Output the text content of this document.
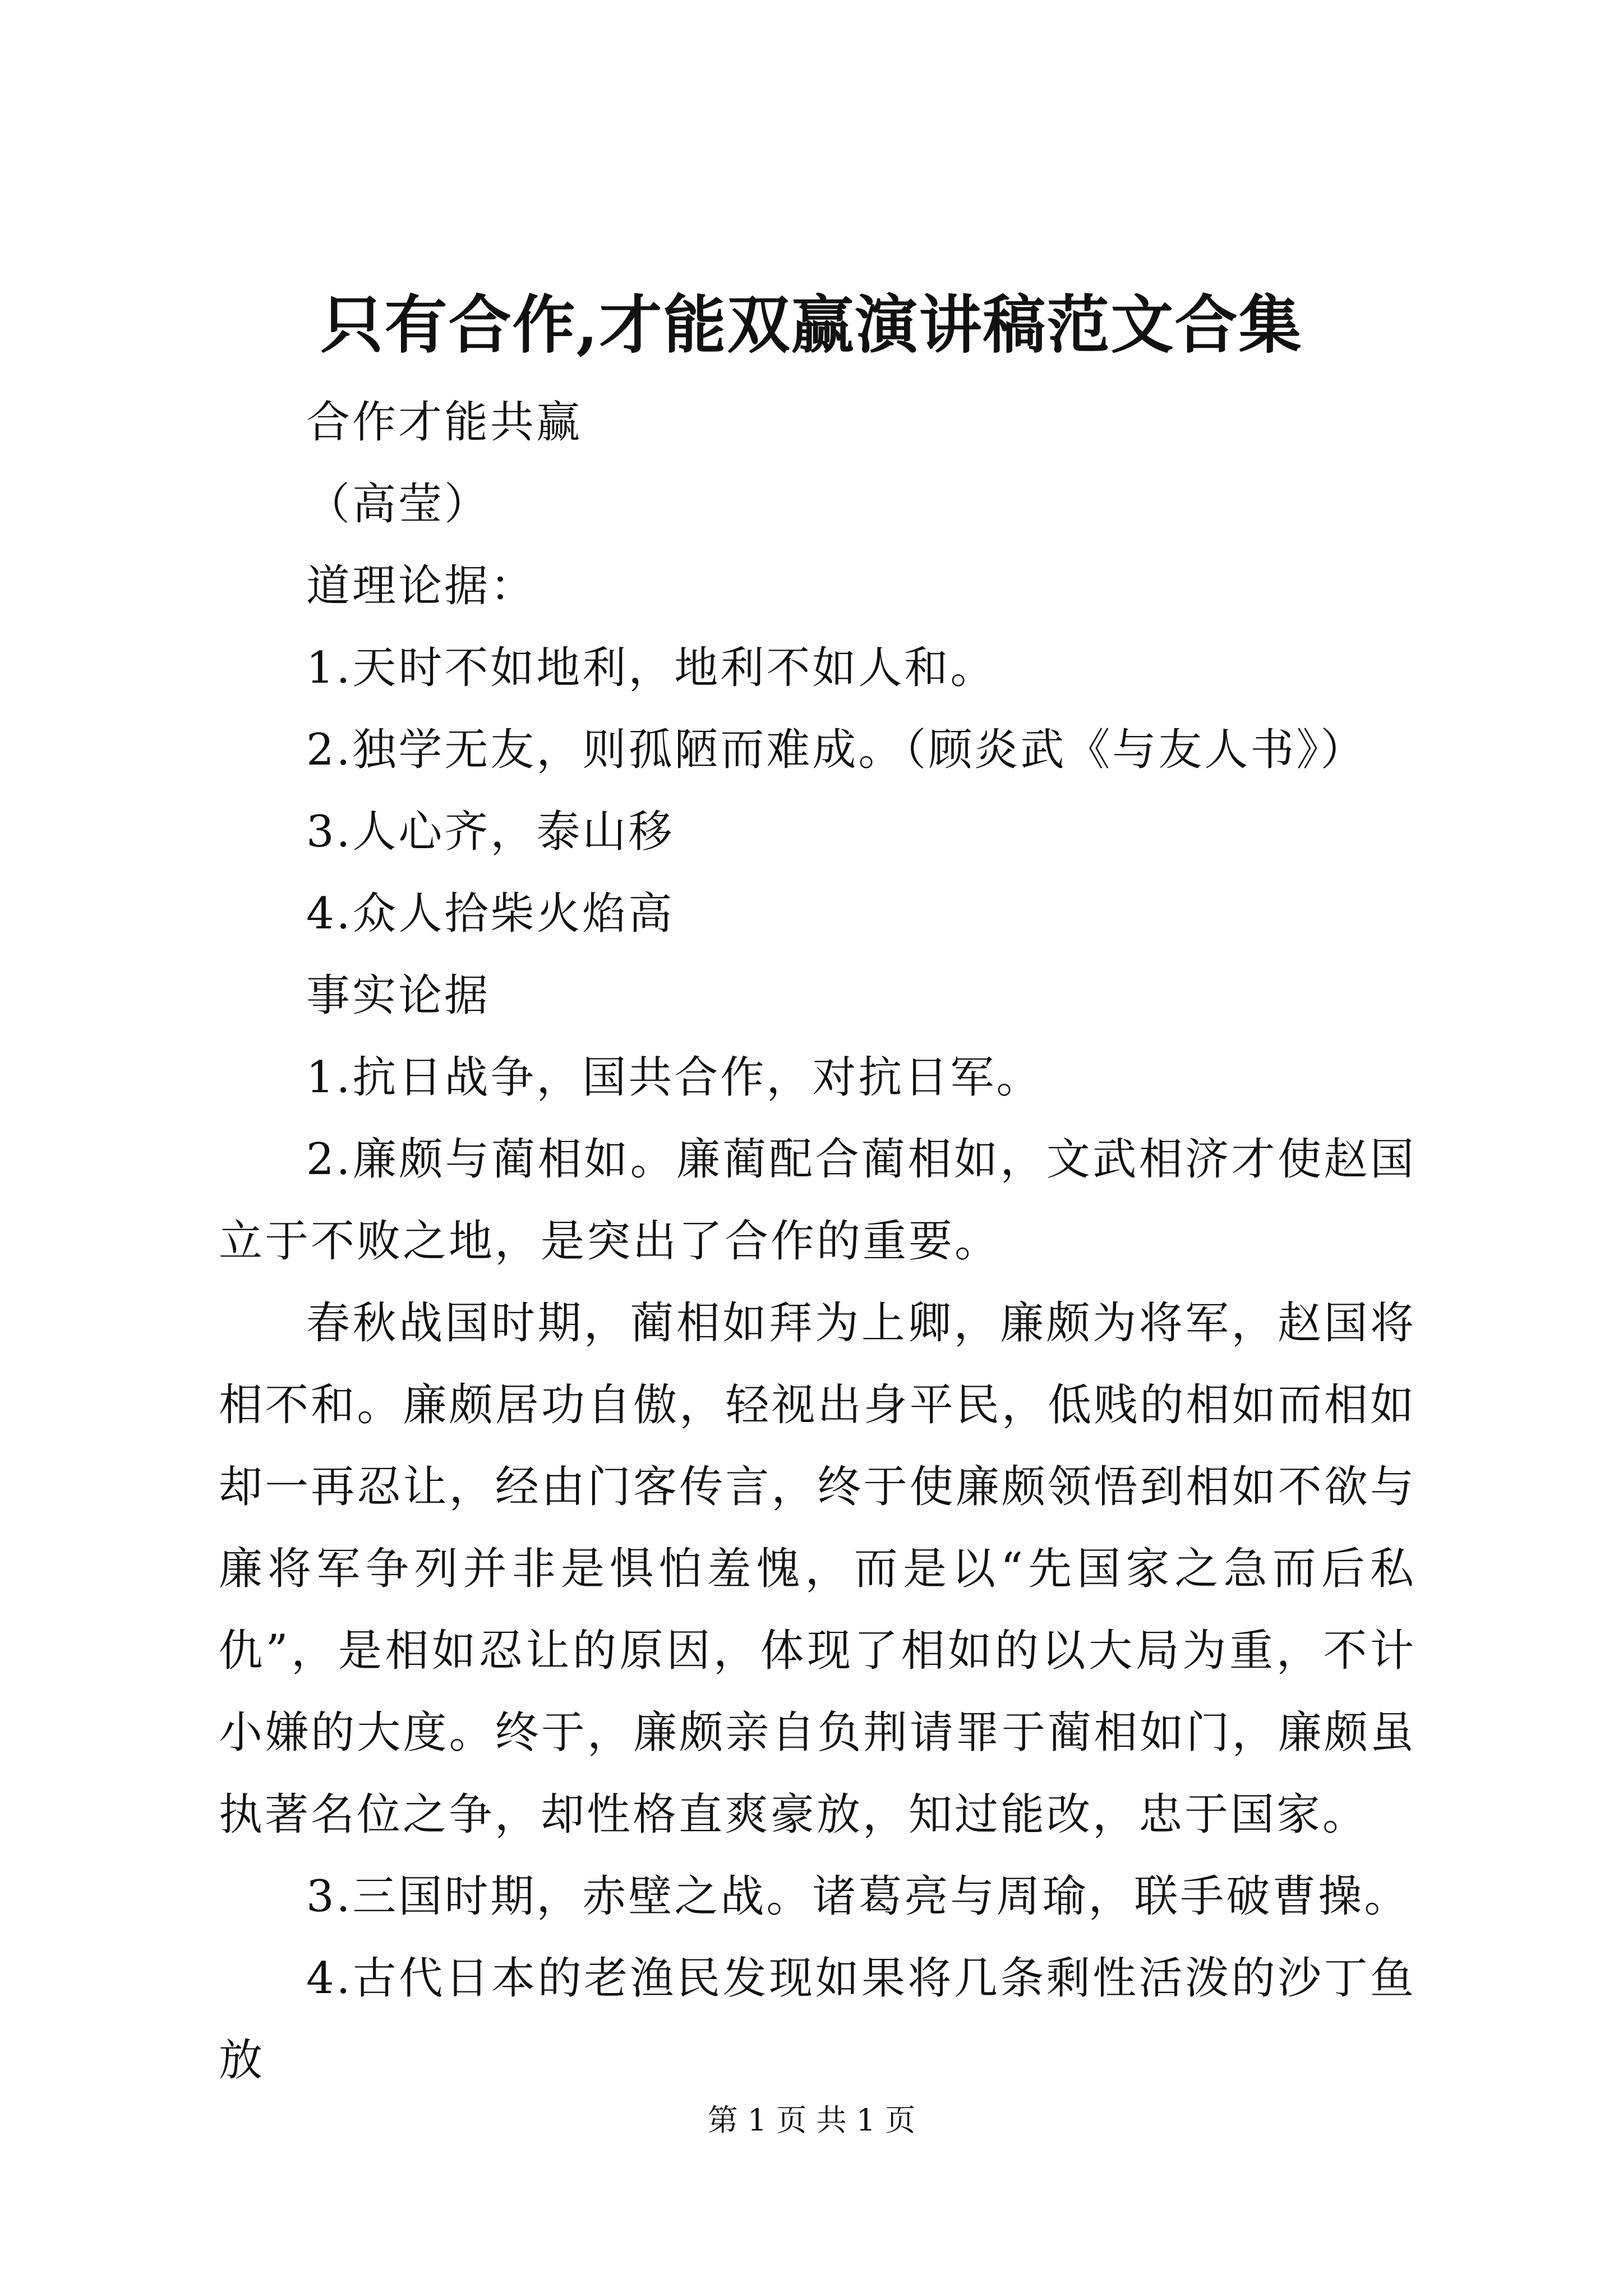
只有合作,才能双赢演讲稿范文合集

合作才能共赢

（高莹）

道理论据：

1.天时不如地利，地利不如人和。

2.独学无友，则孤陋而难成。（顾炎武《与友人书》）

3.人心齐，泰山移

4.众人拾柴火焰高

事实论据

1.抗日战争，国共合作，对抗日军。

2.廉颇与蔺相如。廉蔺配合蔺相如，文武相济才使赵国立于不败之地，是突出了合作的重要。

春秋战国时期，蔺相如拜为上卿，廉颇为将军，赵国将相不和。廉颇居功自傲，轻视出身平民，低贱的相如而相如却一再忍让，经由门客传言，终于使廉颇领悟到相如不欲与廉将军争列并非是惧怕羞愧，而是以“先国家之急而后私仇”，是相如忍让的原因，体现了相如的以大局为重，不计小嫌的大度。终于，廉颇亲自负荆请罪于蔺相如门，廉颇虽执著名位之争，却性格直爽豪放，知过能改，忠于国家。

3.三国时期，赤壁之战。诸葛亮与周瑜，联手破曹操。

4.古代日本的老渔民发现如果将几条剩性活泼的沙丁鱼放

第 1 页 共 1 页
